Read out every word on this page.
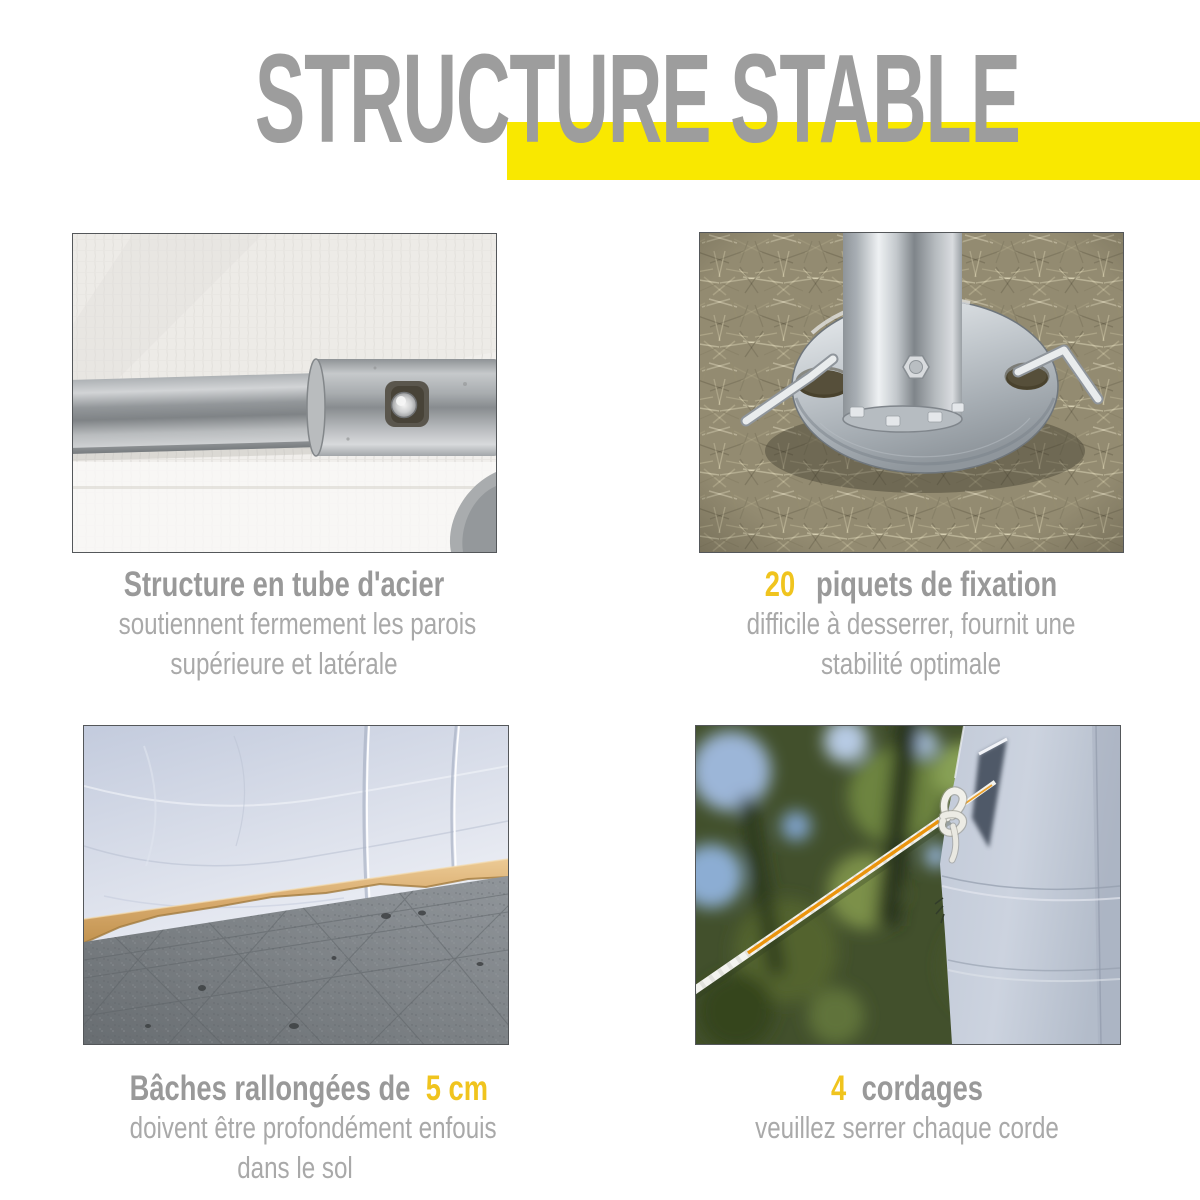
STRUCTURE STABLE
Structure en tube d'acier
soutiennent fermement les parois
supérieure et latérale
20 piquets de fixation
difficile à desserrer, fournit une
stabilité optimale
Bâches rallongées de 5 cm
doivent être profondément enfouis
dans le sol
4 cordages
veuillez serrer chaque corde
